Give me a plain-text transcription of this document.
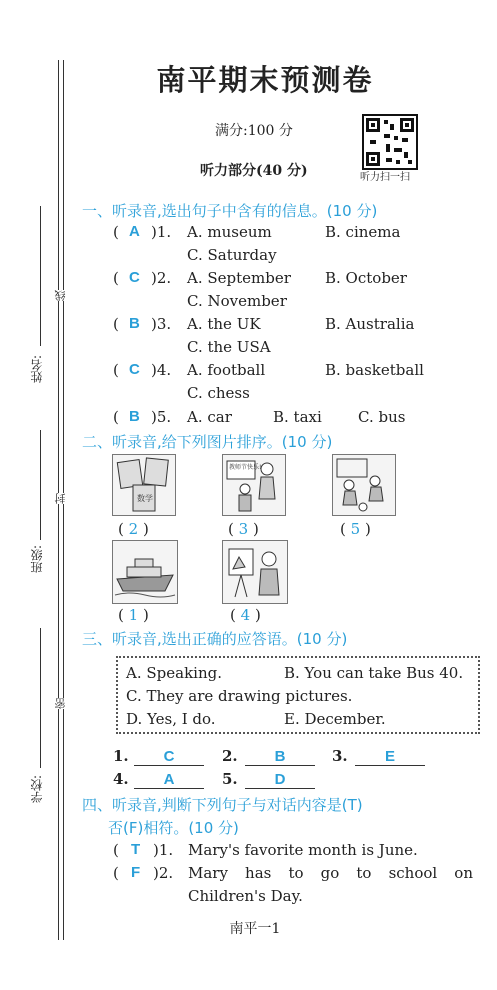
姓名:
班级:
学校:
线
封
密
南平期末预测卷
满分:100 分
听力部分(40 分)	听力扫一扫
一、听录音,选出句子中含有的信息。(10 分)
( A )1. A. museum	B. cinema
C. Saturday
( C )2. A. September B. October
C. November
( B )3. A. the UK	B. Australia
C. the USA
( C )4. A. football	B. basketball
C. chess
( B )5. A. car	B. taxi C. bus
二、听录音,给下列图片排序。(10 分)
数学
( 2 )
教师节快乐!
( 3 )	( 5 )
( 1 )	( 4 )
三、听录音,选出正确的应答语。(10 分)
A. Speaking.	B. You can take Bus 40.
C. They are drawing pictures.
D. Yes, I do.	E. December.
1.	C	2.	B	3.	E
4.	A	5.	D
四、听录音,判断下列句子与对话内容是(T)
否(F)相符。(10 分)
( T )1. Mary's favorite month is June.
( F )2. Mary has to go to school on
Children's Day.
南平一1
